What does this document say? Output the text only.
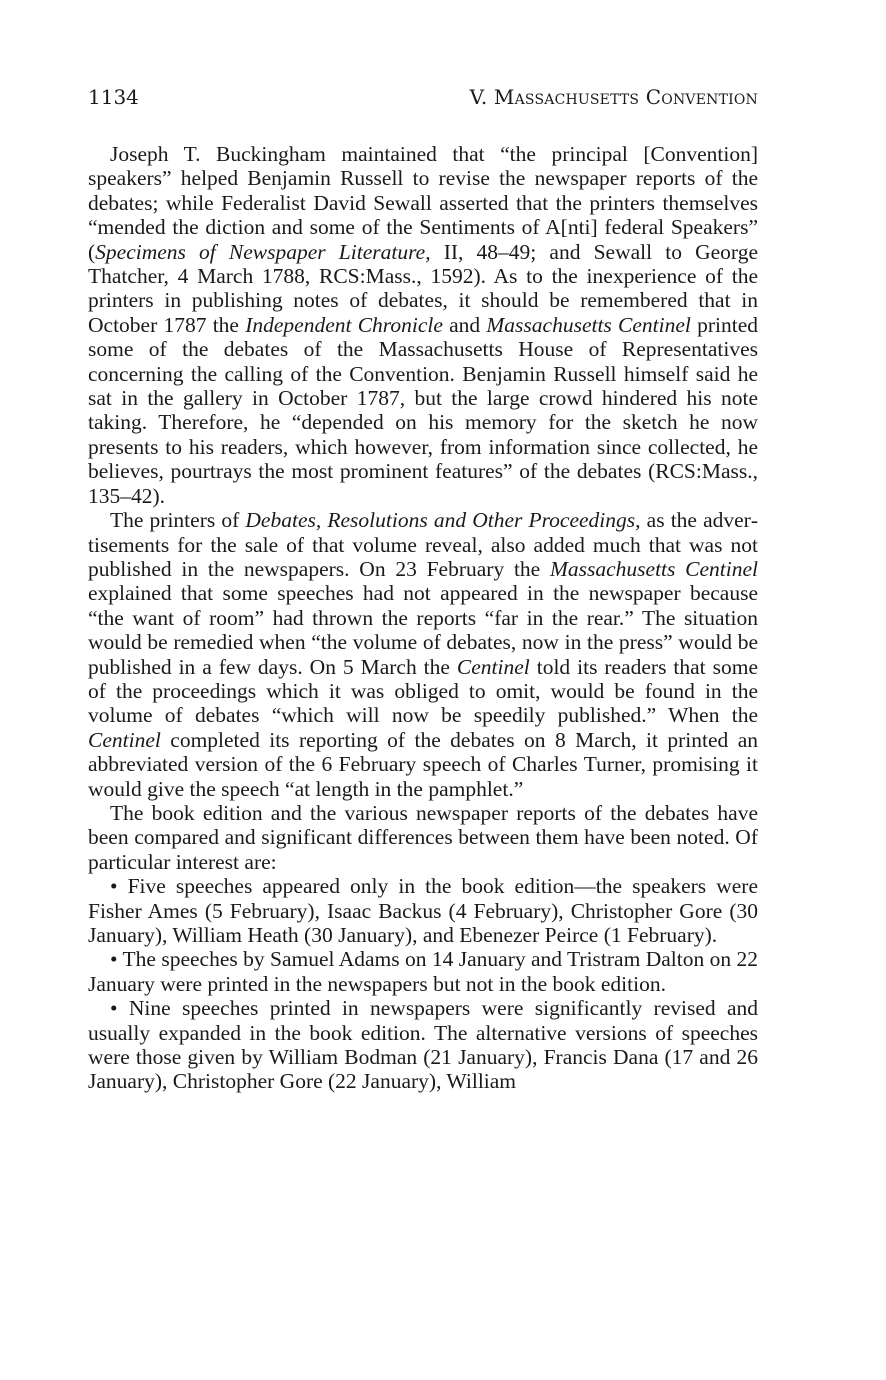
1134	V. Massachusetts Convention

Joseph T. Buckingham maintained that “the principal [Convention] speakers” helped Benjamin Russell to revise the newspaper reports of the debates; while Federalist David Sewall asserted that the printers themselves “mended the diction and some of the Sentiments of A[nti] federal Speakers” (Specimens of Newspaper Literature, II, 48–49; and Sewall to George Thatcher, 4 March 1788, RCS:Mass., 1592). As to the inexperience of the printers in publishing notes of debates, it should be remembered that in October 1787 the Independent Chronicle and Massachusetts Centinel printed some of the debates of the Massachusetts House of Representatives concerning the calling of the Convention. Benjamin Russell himself said he sat in the gallery in October 1787, but the large crowd hindered his note taking. Therefore, he “depended on his memory for the sketch he now presents to his readers, which however, from information since collected, he believes, pourtrays the most prominent features” of the debates (RCS:Mass., 135–42).

The printers of Debates, Resolutions and Other Proceedings, as the advertisements for the sale of that volume reveal, also added much that was not published in the newspapers. On 23 February the Massachusetts Centinel explained that some speeches had not appeared in the newspaper because “the want of room” had thrown the reports “far in the rear.” The situation would be remedied when “the volume of debates, now in the press” would be published in a few days. On 5 March the Centinel told its readers that some of the proceedings which it was obliged to omit, would be found in the volume of debates “which will now be speedily published.” When the Centinel completed its reporting of the debates on 8 March, it printed an abbreviated version of the 6 February speech of Charles Turner, promising it would give the speech “at length in the pamphlet.”

The book edition and the various newspaper reports of the debates have been compared and significant differences between them have been noted. Of particular interest are:

• Five speeches appeared only in the book edition—the speakers were Fisher Ames (5 February), Isaac Backus (4 February), Christopher Gore (30 January), William Heath (30 January), and Ebenezer Peirce (1 February).

• The speeches by Samuel Adams on 14 January and Tristram Dalton on 22 January were printed in the newspapers but not in the book edition.

• Nine speeches printed in newspapers were significantly revised and usually expanded in the book edition. The alternative versions of speeches were those given by William Bodman (21 January), Francis Dana (17 and 26 January), Christopher Gore (22 January), William
